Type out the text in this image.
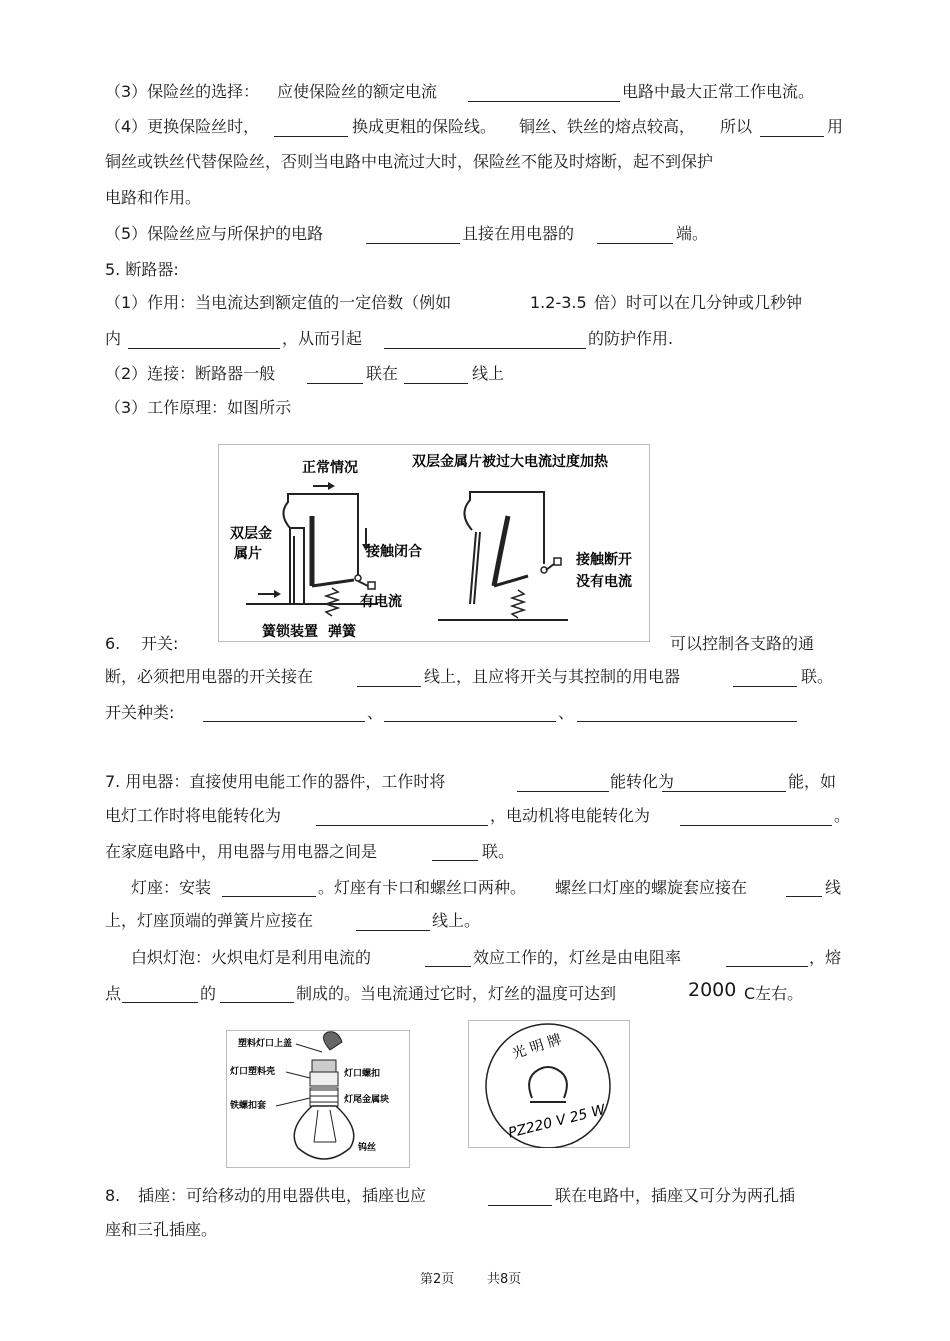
（3）保险丝的选择： 应使保险丝的额定电流	电路中最大正常工作电流。
（4）更换保险丝时，	换成更粗的保险线。 铜丝、铁丝的熔点较高， 所以	用
铜丝或铁丝代替保险丝，否则当电路中电流过大时，保险丝不能及时熔断，起不到保护
电路和作用。
（5）保险丝应与所保护的电路	且接在用电器的	端。
5. 断路器:
（1）作用：当电流达到额定值的一定倍数（例如	1.2-3.5 倍）时可以在几分钟或几秒钟
内	，从而引起	的防护作用.
（2）连接：断路器一般	联在	线上
（3）工作原理：如图所示
正常情况	双层金属片被过大电流过度加热
双层金
属片	接触闭合
有电流
簧锁装置 弹簧
接触断开
没有电流
6. 开关:	可以控制各支路的通
断，必须把用电器的开关接在	线上，且应将开关与其控制的用电器	联。
开关种类:	、	、
7. 用电器：直接使用电能工作的器件，工作时将	能转化为	能，如
电灯工作时将电能转化为	，电动机将电能转化为	。
在家庭电路中，用电器与用电器之间是	联。
灯座：安装	。灯座有卡口和螺丝口两种。 螺丝口灯座的螺旋套应接在	线
上，灯座顶端的弹簧片应接在	线上。
白炽灯泡：火炽电灯是利用电流的	效应工作的，灯丝是由电阻率	，熔
点	的	制成的。当电流通过它时，灯丝的温度可达到	2000 C左右。
塑料灯口上盖
灯口塑料壳	灯口螺扣
灯尾金属块
铁螺扣套
钨丝
光 明 牌
PZ220 V 25 W
8. 插座：可给移动的用电器供电，插座也应	联在电路中，插座又可分为两孔插
座和三孔插座。
第2页	共8页
